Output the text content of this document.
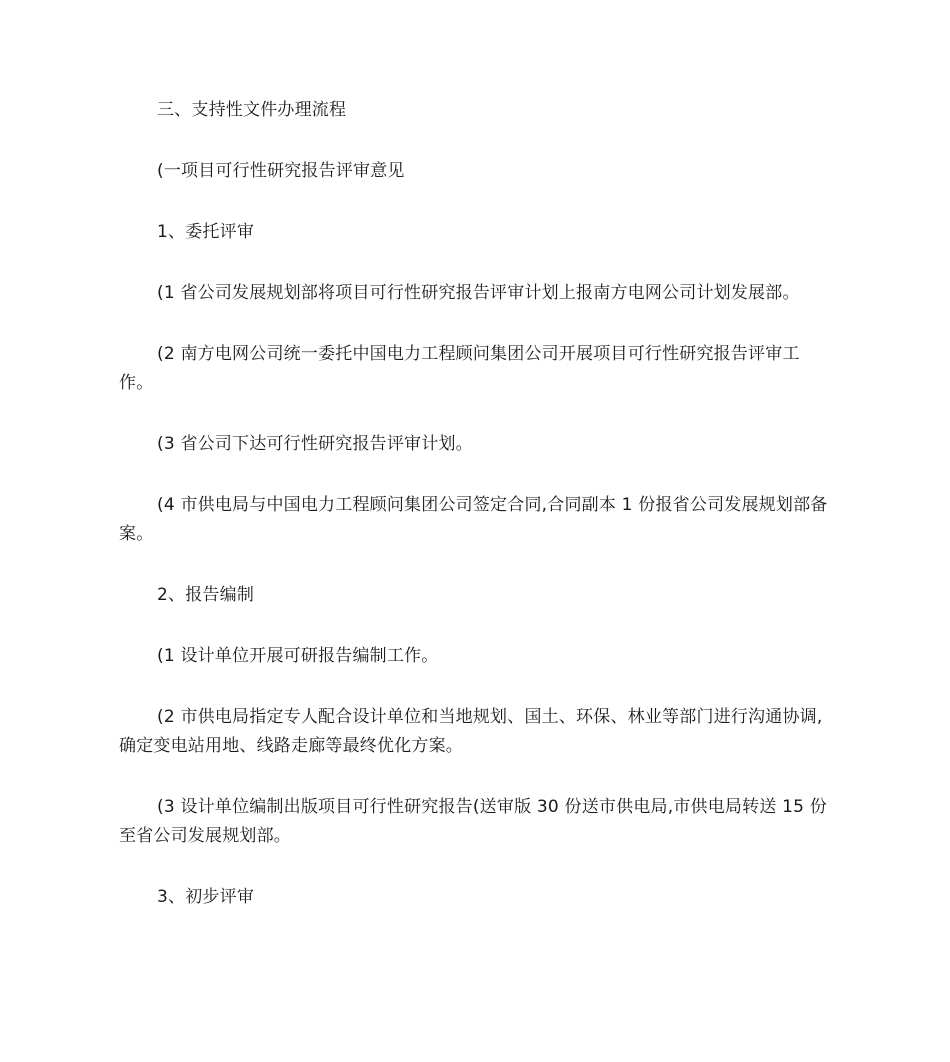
三、支持性文件办理流程

(一项目可行性研究报告评审意见

1、委托评审

(1 省公司发展规划部将项目可行性研究报告评审计划上报南方电网公司计划发展部。

(2 南方电网公司统一委托中国电力工程顾问集团公司开展项目可行性研究报告评审工作。

(3 省公司下达可行性研究报告评审计划。

(4 市供电局与中国电力工程顾问集团公司签定合同,合同副本 1 份报省公司发展规划部备案。

2、报告编制

(1 设计单位开展可研报告编制工作。

(2 市供电局指定专人配合设计单位和当地规划、国土、环保、林业等部门进行沟通协调,确定变电站用地、线路走廊等最终优化方案。

(3 设计单位编制出版项目可行性研究报告(送审版 30 份送市供电局,市供电局转送 15 份至省公司发展规划部。

3、初步评审
